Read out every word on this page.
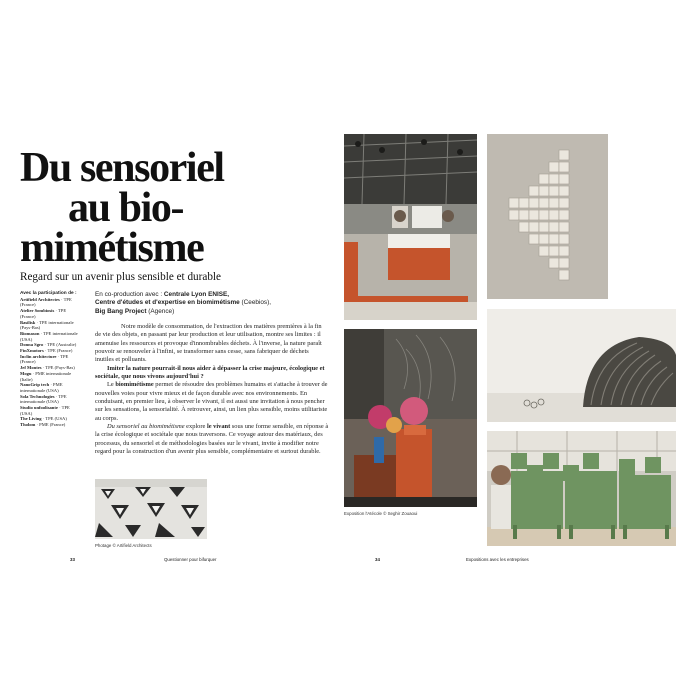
Du sensoriel
au bio-
mimétisme
Regard sur un avenir plus sensible et durable
Avec la participation de :
Artifield Architectes · TPE (France)
Atelier Sombiosis · TPE (France)
Basilisk · TPE internationale (Pays-Bas)
Biomason · TPE internationale (USA)
Donna Sgro · TPE (Australie)
FinXmotors · TPE (France)
Inclin architecture · TPE (France)
Jef Montes · TPE (Pays-Bas)
Mogu · PME internationale (Italie)
NanoGrip tech · PME internationale (USA)
Sola Technologies · TPE internationale (USA)
Studio unfoolisante · TPE (USA)
The Living · TPE (USA)
Tholom · PME (France)
En co-production avec : Centrale Lyon ENISE,
Centre d'études et d'expertise en biomimétisme (Ceebios),
Big Bang Project (Agence)

Notre modèle de consommation, de l'extraction des matières premières à la fin de vie des objets, en passant par leur production et leur utilisation, montre ses limites : il amenuise les ressources et provoque d'innombrables déchets. À l'inverse, la nature paraît pouvoir se renouveler à l'infini, se transformer sans cesse, sans fabriquer de déchets inutiles et polluants.

Imiter la nature pourrait-il nous aider à dépasser la crise majeure, écologique et sociétale, que nous vivons aujourd'hui ?

Le biomimétisme permet de résoudre des problèmes humains et s'attache à trouver de nouvelles voies pour vivre mieux et de façon durable avec nos environnements. En conduisant, en premier lieu, à observer le vivant, il est aussi une invitation à nous pencher sur les sensations, la sensorialité. À retrouver, ainsi, un lien plus sensible, moins utilitariste au corps.

Du sensoriel au biomimétisme explore le vivant sous une forme sensible, en réponse à la crise écologique et sociétale que nous traversons. Ce voyage autour des matériaux, des processus, du sensoriel et de méthodologies basées sur le vivant, invite à modifier notre regard pour la construction d'un avenir plus sensible, complémentaire et surtout durable.

Photage © Artifield Architects
33	Questionner pour bifurquer	34	Expositions avec les entreprises
Exposition l'Atécole © Seghir Zouaoui
